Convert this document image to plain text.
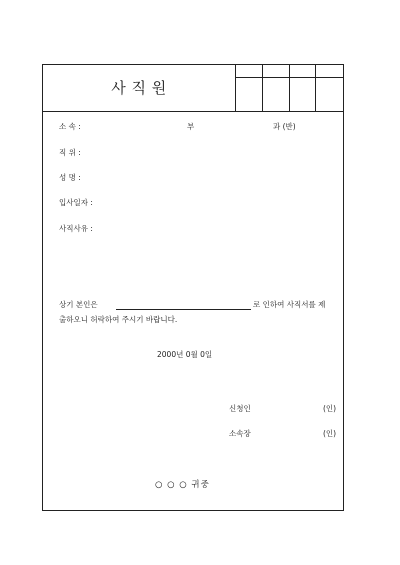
사 직 원
소 속 :	부	과 (반)
직 위 :
성 명 :
입사일자 :
사직사유 :
상기 본인은	로 인하여 사직서를 제
출하오니 허락하여 주시기 바랍니다.
2000년 0월 0일
신청인	(인)
소속장	(인)
○ ○ ○ 귀중
